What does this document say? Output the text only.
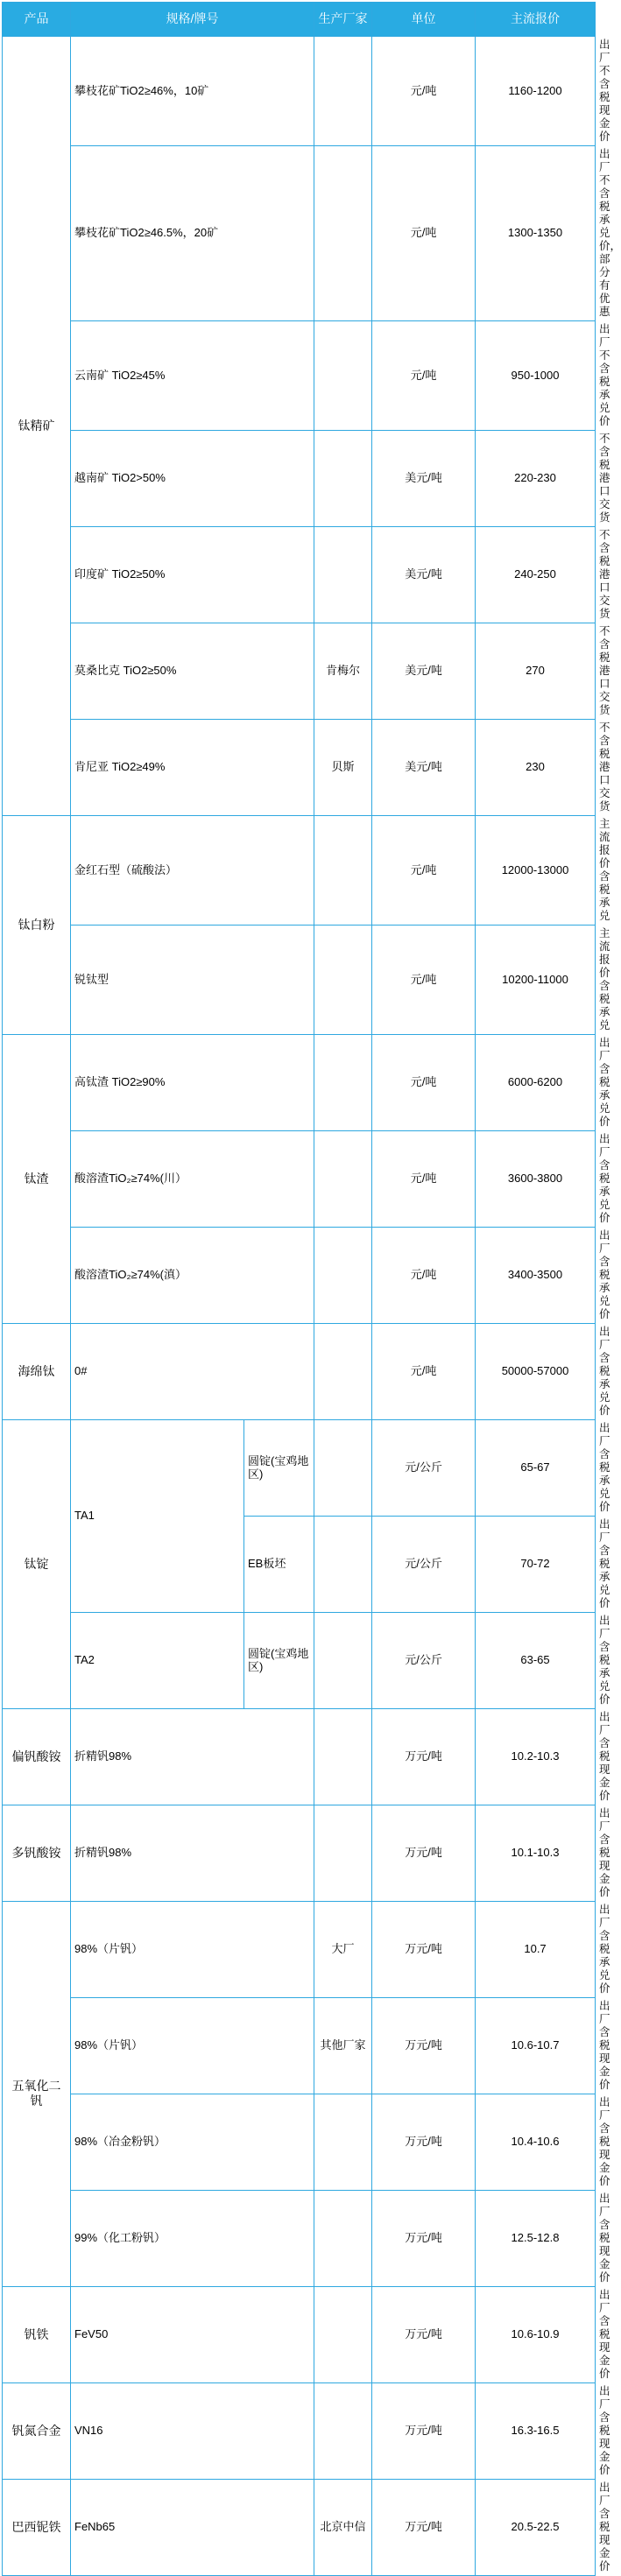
产品	规格/牌号		生产厂家	单位	主流报价	备注
钛精矿	攀枝花矿TiO2≥46%，10矿			元/吨	1160-1200	出厂 不含税现金价
	攀枝花矿TiO2≥46.5%，20矿			元/吨	1300-1350	出厂 不含税承兑价，部分有优惠
	云南矿 TiO2≥45%			元/吨	950-1000	出厂 不含税承兑价
	越南矿 TiO2>50%			美元/吨	220-230	不含税港口交货
	印度矿 TiO2≥50%			美元/吨	240-250	不含税港口交货
	莫桑比克 TiO2≥50%		肯梅尔	美元/吨	270	不含税港口交货
	肯尼亚 TiO2≥49%		贝斯	美元/吨	230	不含税港口交货
钛白粉	金红石型（硫酸法）			元/吨	12000-13000	主流报价含税承兑
	锐钛型			元/吨	10200-11000	主流报价含税承兑
钛渣	高钛渣 TiO2≥90%			元/吨	6000-6200	出厂 含税承兑价
	酸溶渣TiO₂≥74%(川）			元/吨	3600-3800	出厂 含税承兑价
	酸溶渣TiO₂≥74%(滇）			元/吨	3400-3500	出厂 含税承兑价
海绵钛	0#			元/吨	50000-57000	出厂 含税承兑价
钛锭	TA1	圆锭(宝鸡地区)		元/公斤	65-67	出厂 含税承兑价
		EB板坯		元/公斤	70-72	出厂 含税承兑价
	TA2	圆锭(宝鸡地区)		元/公斤	63-65	出厂 含税承兑价
偏钒酸铵	折精钒98%			万元/吨	10.2-10.3	出厂 含税现金价
多钒酸铵	折精钒98%			万元/吨	10.1-10.3	出厂 含税现金价
五氧化二钒	98%（片钒）		大厂	万元/吨	10.7	出厂 含税承兑价
	98%（片钒）		其他厂家	万元/吨	10.6-10.7	出厂 含税现金价
	98%（冶金粉钒）			万元/吨	10.4-10.6	出厂 含税现金价
	99%（化工粉钒）			万元/吨	12.5-12.8	出厂 含税现金价
钒铁	FeV50			万元/吨	10.6-10.9	出厂 含税现金价
钒氮合金	VN16			万元/吨	16.3-16.5	出厂 含税现金价
巴西铌铁	FeNb65		北京中信	万元/吨	20.5-22.5	出厂 含税现金价
